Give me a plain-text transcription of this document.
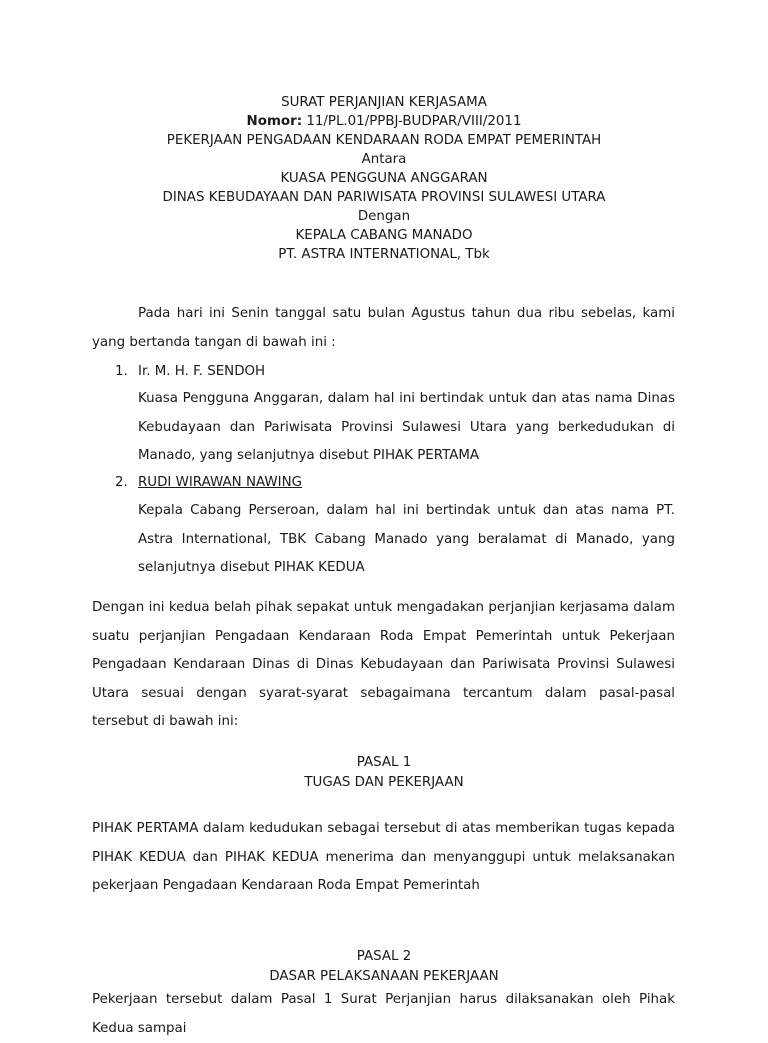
SURAT PERJANJIAN KERJASAMA
Nomor: 11/PL.01/PPBJ-BUDPAR/VIII/2011
PEKERJAAN PENGADAAN KENDARAAN RODA EMPAT PEMERINTAH
Antara
KUASA PENGGUNA ANGGARAN
DINAS KEBUDAYAAN DAN PARIWISATA PROVINSI SULAWESI UTARA
Dengan
KEPALA CABANG MANADO
PT. ASTRA INTERNATIONAL, Tbk
Pada hari ini Senin tanggal satu bulan Agustus tahun dua ribu sebelas, kami yang bertanda tangan di bawah ini :
1. Ir. M. H. F. SENDOH
Kuasa Pengguna Anggaran, dalam hal ini bertindak untuk dan atas nama Dinas Kebudayaan dan Pariwisata Provinsi Sulawesi Utara yang berkedudukan di Manado, yang selanjutnya disebut PIHAK PERTAMA
2. RUDI WIRAWAN NAWING
Kepala Cabang Perseroan, dalam hal ini bertindak untuk dan atas nama PT. Astra International, TBK Cabang Manado yang beralamat di Manado, yang selanjutnya disebut PIHAK KEDUA
Dengan ini kedua belah pihak sepakat untuk mengadakan perjanjian kerjasama dalam suatu perjanjian Pengadaan Kendaraan Roda Empat Pemerintah untuk Pekerjaan Pengadaan Kendaraan Dinas di Dinas Kebudayaan dan Pariwisata Provinsi Sulawesi Utara sesuai dengan syarat-syarat sebagaimana tercantum dalam pasal-pasal tersebut di bawah ini:
PASAL 1
TUGAS DAN PEKERJAAN
PIHAK PERTAMA dalam kedudukan sebagai tersebut di atas memberikan tugas kepada PIHAK KEDUA dan PIHAK KEDUA menerima dan menyanggupi untuk melaksanakan pekerjaan Pengadaan Kendaraan Roda Empat Pemerintah
PASAL 2
DASAR PELAKSANAAN PEKERJAAN
Pekerjaan tersebut dalam Pasal 1 Surat Perjanjian harus dilaksanakan oleh Pihak Kedua sampai
